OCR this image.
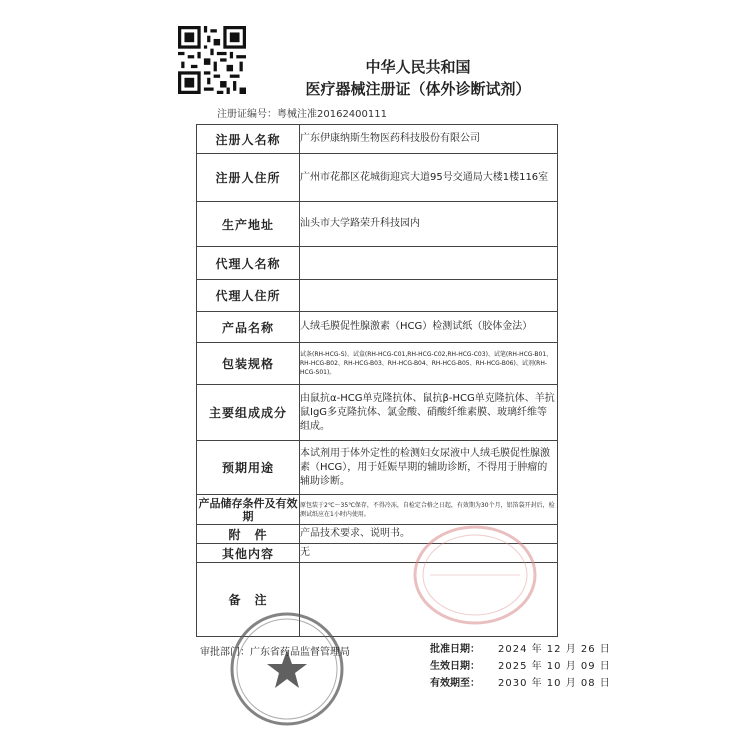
中华人民共和国
医疗器械注册证（体外诊断试剂）
注册证编号：粤械注准20162400111
注册人名称	广东伊康纳斯生物医药科技股份有限公司
注册人住所	广州市花都区花城街迎宾大道95号交通局大楼1楼116室
生产地址	汕头市大学路荣升科技园内
代理人名称	
代理人住所	
产品名称	人绒毛膜促性腺激素（HCG）检测试纸（胶体金法）
包装规格	试条(RH-HCG-S)、试盒(RH-HCG-C01,RH-HCG-C02,RH-HCG-C03)、试笔(RH-HCG-B01、RH-HCG-B02、RH-HCG-B03、RH-HCG-B04、RH-HCG-B05、RH-HCG-B06)、试剂(RH-HCG-S01)。
主要组成成分	由鼠抗α-HCG单克隆抗体、鼠抗β-HCG单克隆抗体、羊抗鼠IgG多克隆抗体、氯金酸、硝酸纤维素膜、玻璃纤维等组成。
预期用途	本试剂用于体外定性的检测妇女尿液中人绒毛膜促性腺激素（HCG），用于妊娠早期的辅助诊断，不得用于肿瘤的辅助诊断。
产品储存条件及有效期	原包装于2℃～35℃保存，不得冷冻，自检定合格之日起，有效期为30个月，铝箔袋开封后，检测试纸应在1小时内使用。
附　件	产品技术要求、说明书。
其他内容	无
备　注	
审批部门：广东省药品监督管理局	批准日期：	2024 年 12 月 26 日
生效日期：	2025 年 10 月 09 日
有效期至：	2030 年 10 月 08 日
